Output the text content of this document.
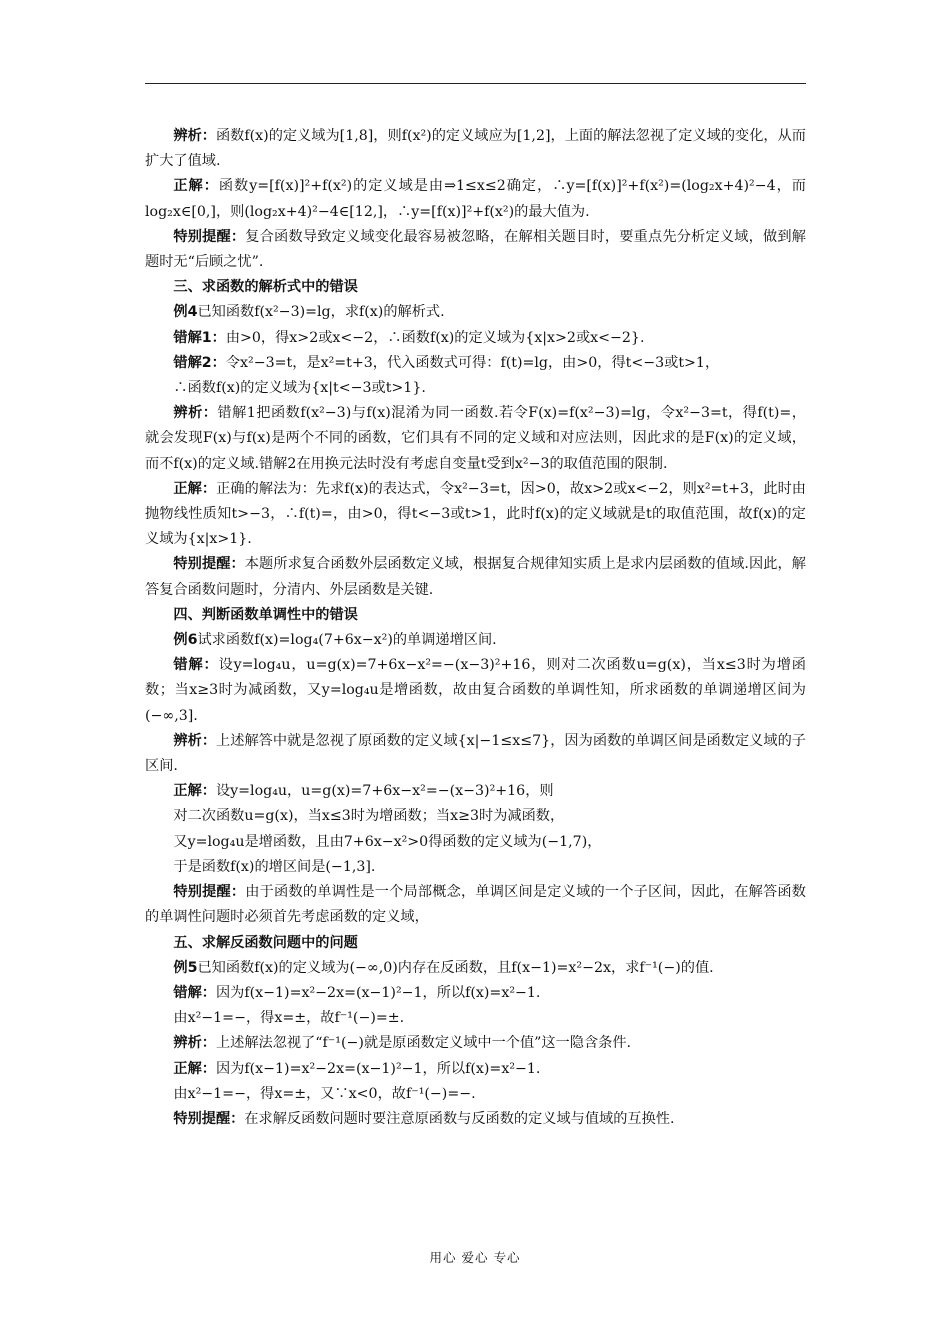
辨析：函数f(x)的定义域为[1,8]，则f(x²)的定义域应为[1,2]，上面的解法忽视了定义域的变化，从而扩大了值域.

正解：函数y=[f(x)]²+f(x²)的定义域是由⇒1≤x≤2确定，∴y=[f(x)]²+f(x²)=(log₂x+4)²−4，而log₂x∈[0,]，则(log₂x+4)²−4∈[12,]，∴y=[f(x)]²+f(x²)的最大值为.

特别提醒：复合函数导致定义域变化最容易被忽略，在解相关题目时，要重点先分析定义域，做到解题时无“后顾之忧”.

三、求函数的解析式中的错误

例4已知函数f(x²−3)=lg，求f(x)的解析式.

错解1：由>0，得x>2或x<−2，∴函数f(x)的定义域为{x|x>2或x<−2}.

错解2：令x²−3=t，是x²=t+3，代入函数式可得：f(t)=lg，由>0，得t<−3或t>1，

∴函数f(x)的定义域为{x|t<−3或t>1}.

辨析：错解1把函数f(x²−3)与f(x)混淆为同一函数.若令F(x)=f(x²−3)=lg，令x²−3=t，得f(t)=，就会发现F(x)与f(x)是两个不同的函数，它们具有不同的定义域和对应法则，因此求的是F(x)的定义域，而不f(x)的定义域.错解2在用换元法时没有考虑自变量t受到x²−3的取值范围的限制.

正解：正确的解法为：先求f(x)的表达式，令x²−3=t，因>0，故x>2或x<−2，则x²=t+3，此时由抛物线性质知t>−3，∴f(t)=，由>0，得t<−3或t>1，此时f(x)的定义域就是t的取值范围，故f(x)的定义域为{x|x>1}.

特别提醒：本题所求复合函数外层函数定义域，根据复合规律知实质上是求内层函数的值域.因此，解答复合函数问题时，分清内、外层函数是关键.

四、判断函数单调性中的错误

例6试求函数f(x)=log₄(7+6x−x²)的单调递增区间.

错解：设y=log₄u，u=g(x)=7+6x−x²=−(x−3)²+16，则对二次函数u=g(x)，当x≤3时为增函数；当x≥3时为减函数，又y=log₄u是增函数，故由复合函数的单调性知，所求函数的单调递增区间为(−∞,3].

辨析：上述解答中就是忽视了原函数的定义域{x|−1≤x≤7}，因为函数的单调区间是函数定义域的子区间.

正解：设y=log₄u，u=g(x)=7+6x−x²=−(x−3)²+16，则

对二次函数u=g(x)，当x≤3时为增函数；当x≥3时为减函数，

又y=log₄u是增函数，且由7+6x−x²>0得函数的定义域为(−1,7)，

于是函数f(x)的增区间是(−1,3].

特别提醒：由于函数的单调性是一个局部概念，单调区间是定义域的一个子区间，因此，在解答函数的单调性问题时必须首先考虑函数的定义域，

五、求解反函数问题中的问题

例5已知函数f(x)的定义域为(−∞,0)内存在反函数，且f(x−1)=x²−2x，求f⁻¹(−)的值.

错解：因为f(x−1)=x²−2x=(x−1)²−1，所以f(x)=x²−1.

由x²−1=−，得x=±，故f⁻¹(−)=±.

辨析：上述解法忽视了“f⁻¹(−)就是原函数定义域中一个值”这一隐含条件.

正解：因为f(x−1)=x²−2x=(x−1)²−1，所以f(x)=x²−1.

由x²−1=−，得x=±，又∵x<0，故f⁻¹(−)=−.

特别提醒：在求解反函数问题时要注意原函数与反函数的定义域与值域的互换性.

用心 爱心 专心
